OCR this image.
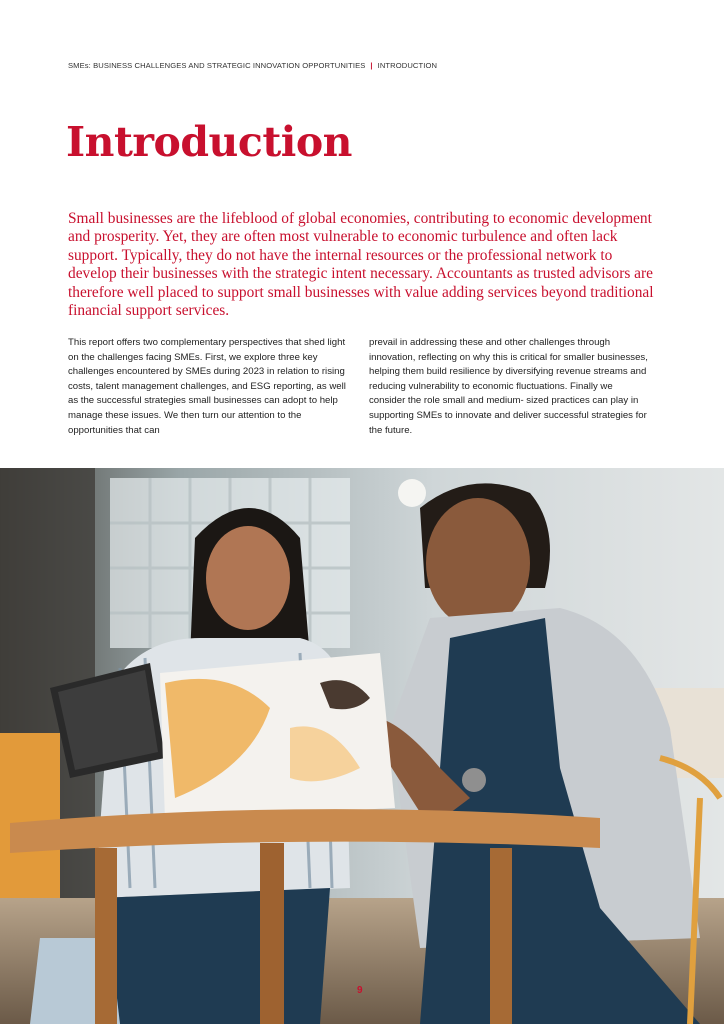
SMEs: BUSINESS CHALLENGES AND STRATEGIC INNOVATION OPPORTUNITIES | INTRODUCTION
Introduction

Small businesses are the lifeblood of global economies, contributing to economic development and prosperity. Yet, they are often most vulnerable to economic turbulence and often lack support. Typically, they do not have the internal resources or the professional network to develop their businesses with the strategic intent necessary. Accountants as trusted advisors are therefore well placed to support small businesses with value adding services beyond traditional financial support services.

This report offers two complementary perspectives that shed light on the challenges facing SMEs. First, we explore three key challenges encountered by SMEs during 2023 in relation to rising costs, talent management challenges, and ESG reporting, as well as the successful strategies small businesses can adopt to help manage these issues. We then turn our attention to the opportunities that can

prevail in addressing these and other challenges through innovation, reflecting on why this is critical for smaller businesses, helping them build resilience by diversifying revenue streams and reducing vulnerability to economic fluctuations. Finally we consider the role small and medium- sized practices can play in supporting SMEs to innovate and deliver successful strategies for the future.

9
